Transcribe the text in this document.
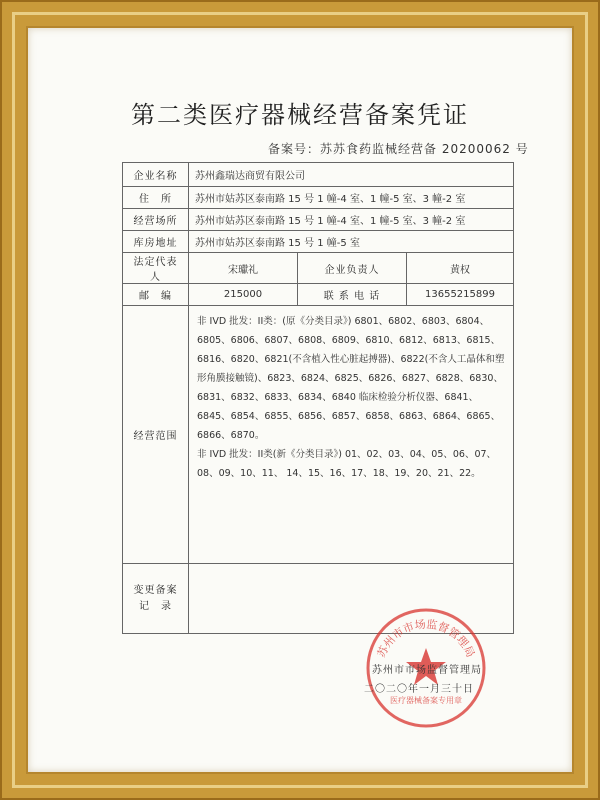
第二类医疗器械经营备案凭证
备案号：苏苏食药监械经营备 20200062 号
企业名称	苏州鑫瑞达商贸有限公司		
住　所	苏州市姑苏区泰南路 15 号 1 幢-4 室、1 幢-5 室、3 幢-2 室		
经营场所	苏州市姑苏区泰南路 15 号 1 幢-4 室、1 幢-5 室、3 幢-2 室		
库房地址	苏州市姑苏区泰南路 15 号 1 幢-5 室		
法定代表人	宋瓛礼	企业负责人	黄权
邮　编	215000	联 系 电 话	13655215899
经营范围	非 IVD 批发：II类：(原《分类目录》) 6801、6802、6803、6804、6805、6806、6807、6808、6809、6810、6812、6813、6815、6816、6820、6821(不含植入性心脏起搏器)、6822(不含人工晶体和塑形角膜接触镜)、6823、6824、6825、6826、6827、6828、6830、6831、6832、6833、6834、6840 临床检验分析仪器、6841、6845、6854、6855、6856、6857、6858、6863、6864、6865、6866、6870。

非 IVD 批发：II类(新《分类目录》) 01、02、03、04、05、06、07、08、09、10、11、 14、15、16、17、18、19、20、21、22。		

变更备案
记　录			

苏州市市场监督管理局
医疗器械备案专用章
苏州市市场监督管理局
二〇二〇年一月三十日
